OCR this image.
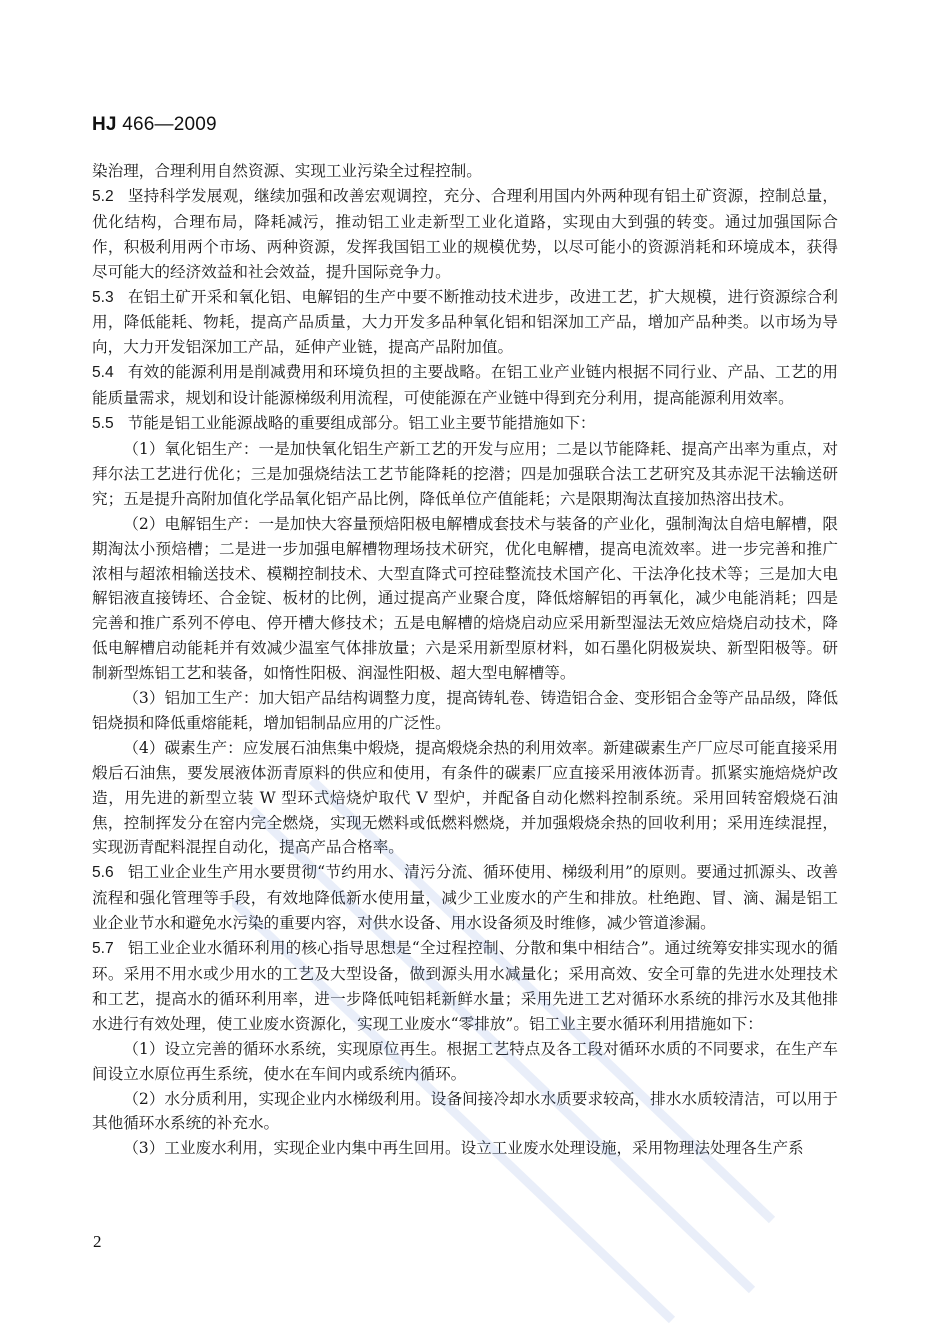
HJ 466—2009

染治理，合理利用自然资源、实现工业污染全过程控制。

5.2 坚持科学发展观，继续加强和改善宏观调控，充分、合理利用国内外两种现有铝土矿资源，控制总量，优化结构，合理布局，降耗减污，推动铝工业走新型工业化道路，实现由大到强的转变。通过加强国际合作，积极利用两个市场、两种资源，发挥我国铝工业的规模优势，以尽可能小的资源消耗和环境成本，获得尽可能大的经济效益和社会效益，提升国际竞争力。

5.3 在铝土矿开采和氧化铝、电解铝的生产中要不断推动技术进步，改进工艺，扩大规模，进行资源综合利用，降低能耗、物耗，提高产品质量，大力开发多品种氧化铝和铝深加工产品，增加产品种类。以市场为导向，大力开发铝深加工产品，延伸产业链，提高产品附加值。

5.4 有效的能源利用是削减费用和环境负担的主要战略。在铝工业产业链内根据不同行业、产品、工艺的用能质量需求，规划和设计能源梯级利用流程，可使能源在产业链中得到充分利用，提高能源利用效率。

5.5 节能是铝工业能源战略的重要组成部分。铝工业主要节能措施如下：

（1）氧化铝生产：一是加快氧化铝生产新工艺的开发与应用；二是以节能降耗、提高产出率为重点，对拜尔法工艺进行优化；三是加强烧结法工艺节能降耗的挖潜；四是加强联合法工艺研究及其赤泥干法输送研究；五是提升高附加值化学品氧化铝产品比例，降低单位产值能耗；六是限期淘汰直接加热溶出技术。

（2）电解铝生产：一是加快大容量预焙阳极电解槽成套技术与装备的产业化，强制淘汰自焙电解槽，限期淘汰小预焙槽；二是进一步加强电解槽物理场技术研究，优化电解槽，提高电流效率。进一步完善和推广浓相与超浓相输送技术、模糊控制技术、大型直降式可控硅整流技术国产化、干法净化技术等；三是加大电解铝液直接铸坯、合金锭、板材的比例，通过提高产业聚合度，降低熔解铝的再氧化，减少电能消耗；四是完善和推广系列不停电、停开槽大修技术；五是电解槽的焙烧启动应采用新型湿法无效应焙烧启动技术，降低电解槽启动能耗并有效减少温室气体排放量；六是采用新型原材料，如石墨化阴极炭块、新型阳极等。研制新型炼铝工艺和装备，如惰性阳极、润湿性阳极、超大型电解槽等。

（3）铝加工生产：加大铝产品结构调整力度，提高铸轧卷、铸造铝合金、变形铝合金等产品品级，降低铝烧损和降低重熔能耗，增加铝制品应用的广泛性。

（4）碳素生产：应发展石油焦集中煅烧，提高煅烧余热的利用效率。新建碳素生产厂应尽可能直接采用煅后石油焦，要发展液体沥青原料的供应和使用，有条件的碳素厂应直接采用液体沥青。抓紧实施焙烧炉改造，用先进的新型立装 W 型环式焙烧炉取代 V 型炉，并配备自动化燃料控制系统。采用回转窑煅烧石油焦，控制挥发分在窑内完全燃烧，实现无燃料或低燃料燃烧，并加强煅烧余热的回收利用；采用连续混捏，实现沥青配料混捏自动化，提高产品合格率。

5.6 铝工业企业生产用水要贯彻“节约用水、清污分流、循环使用、梯级利用”的原则。要通过抓源头、改善流程和强化管理等手段，有效地降低新水使用量，减少工业废水的产生和排放。杜绝跑、冒、滴、漏是铝工业企业节水和避免水污染的重要内容，对供水设备、用水设备须及时维修，减少管道渗漏。

5.7 铝工业企业水循环利用的核心指导思想是“全过程控制、分散和集中相结合”。通过统筹安排实现水的循环。采用不用水或少用水的工艺及大型设备，做到源头用水减量化；采用高效、安全可靠的先进水处理技术和工艺，提高水的循环利用率，进一步降低吨铝耗新鲜水量；采用先进工艺对循环水系统的排污水及其他排水进行有效处理，使工业废水资源化，实现工业废水“零排放”。铝工业主要水循环利用措施如下：

（1）设立完善的循环水系统，实现原位再生。根据工艺特点及各工段对循环水质的不同要求，在生产车间设立水原位再生系统，使水在车间内或系统内循环。

（2）水分质利用，实现企业内水梯级利用。设备间接冷却水水质要求较高，排水水质较清洁，可以用于其他循环水系统的补充水。

（3）工业废水利用，实现企业内集中再生回用。设立工业废水处理设施，采用物理法处理各生产系

2
